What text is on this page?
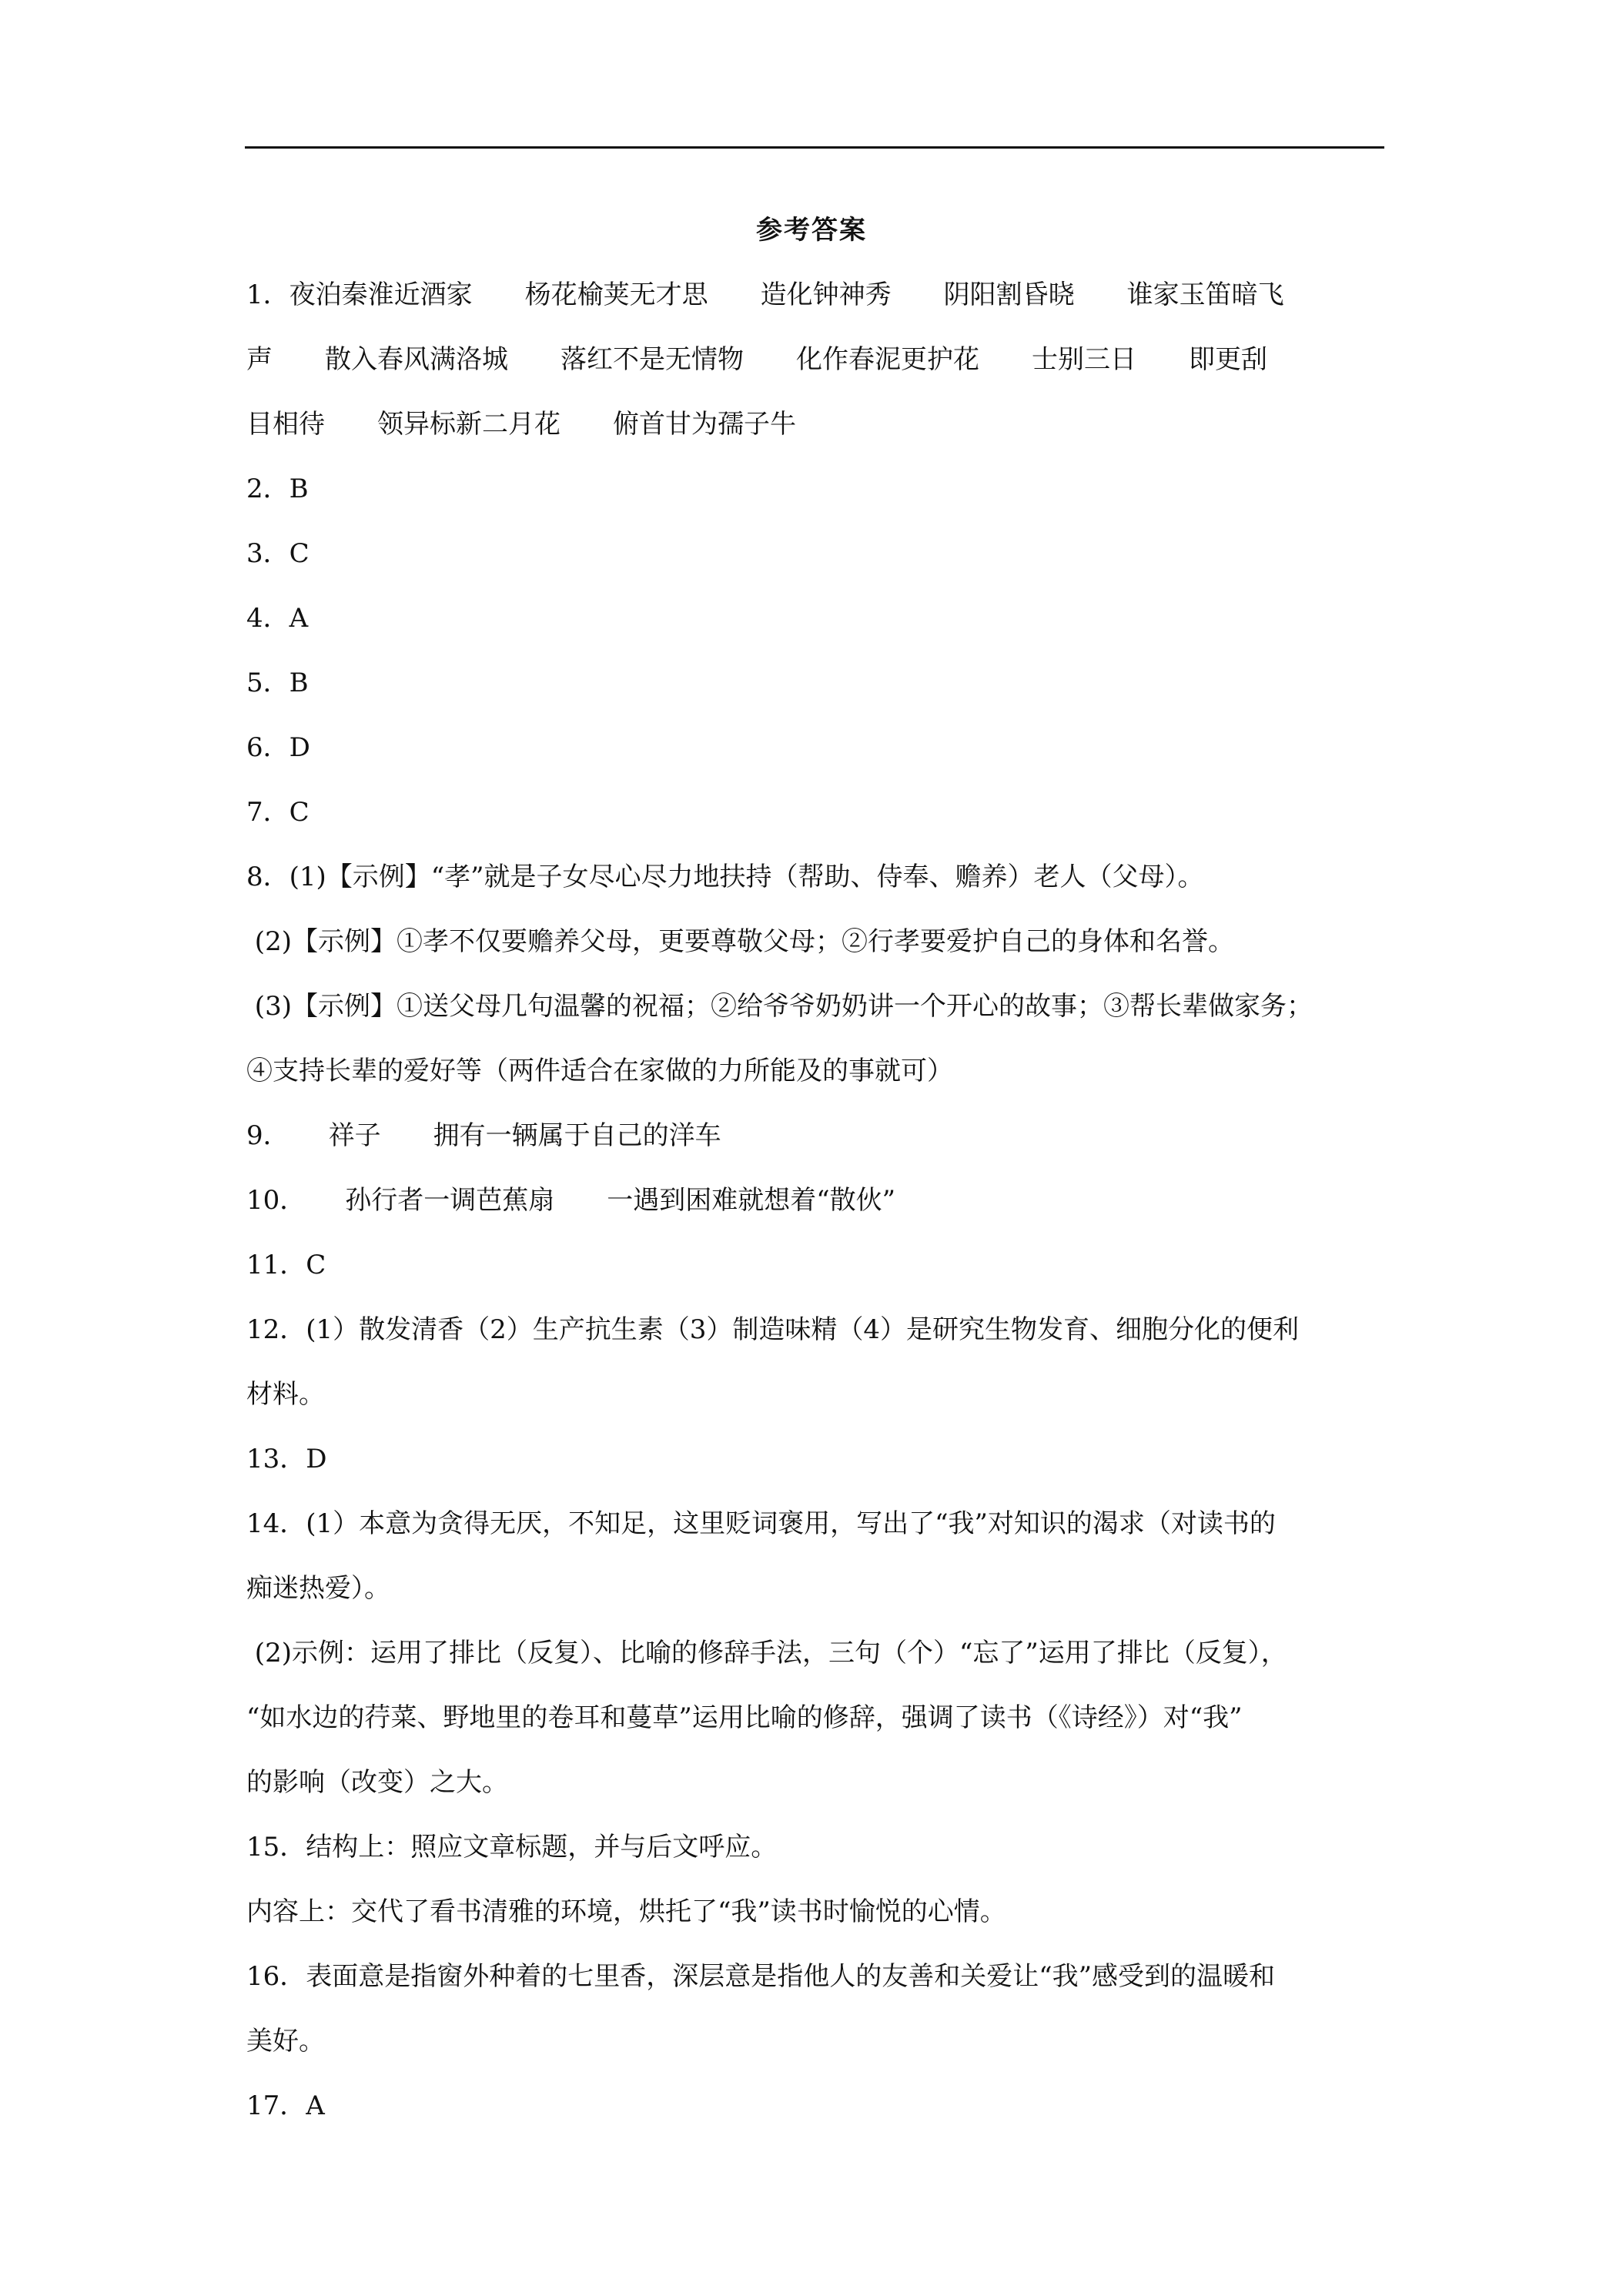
参考答案
1．夜泊秦淮近酒家　　杨花榆荚无才思　　造化钟神秀　　阴阳割昏晓　　谁家玉笛暗飞
声　　散入春风满洛城　　落红不是无情物　　化作春泥更护花　　士别三日　　即更刮
目相待　　领异标新二月花　　俯首甘为孺子牛
2．B
3．C
4．A
5．B
6．D
7．C
8．(1)【示例】“孝”就是子女尽心尽力地扶持（帮助、侍奉、赡养）老人（父母）。
(2)【示例】①孝不仅要赡养父母，更要尊敬父母；②行孝要爱护自己的身体和名誉。
(3)【示例】①送父母几句温馨的祝福；②给爷爷奶奶讲一个开心的故事；③帮长辈做家务；
④支持长辈的爱好等（两件适合在家做的力所能及的事就可）
9．　　祥子　　拥有一辆属于自己的洋车
10．　　孙行者一调芭蕉扇　　一遇到困难就想着“散伙”
11．C
12．(1）散发清香（2）生产抗生素（3）制造味精（4）是研究生物发育、细胞分化的便利
材料。
13．D
14．(1）本意为贪得无厌，不知足，这里贬词褒用，写出了“我”对知识的渴求（对读书的
痴迷热爱）。
(2)示例：运用了排比（反复）、比喻的修辞手法，三句（个）“忘了”运用了排比（反复），
“如水边的荇菜、野地里的卷耳和蔓草”运用比喻的修辞，强调了读书（《诗经》）对“我”
的影响（改变）之大。
15．结构上：照应文章标题，并与后文呼应。
内容上：交代了看书清雅的环境，烘托了“我”读书时愉悦的心情。
16．表面意是指窗外种着的七里香，深层意是指他人的友善和关爱让“我”感受到的温暖和
美好。
17．A
